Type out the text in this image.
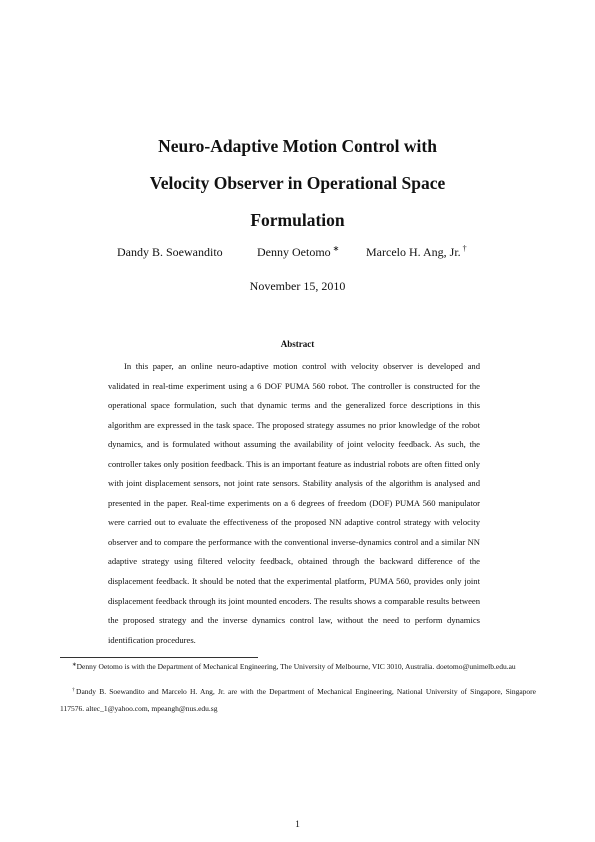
Neuro-Adaptive Motion Control with
Velocity Observer in Operational Space
Formulation
Dandy B. Soewandito	Denny Oetomo ∗ Marcelo H. Ang, Jr. †
November 15, 2010
Abstract

In this paper, an online neuro-adaptive motion control with velocity observer is developed and validated in real-time experiment using a 6 DOF PUMA 560 robot. The controller is constructed for the operational space formulation, such that dynamic terms and the generalized force descriptions in this algorithm are expressed in the task space. The proposed strategy assumes no prior knowledge of the robot dynamics, and is formulated without assuming the availability of joint velocity feedback. As such, the controller takes only position feedback. This is an important feature as industrial robots are often fitted only with joint displacement sensors, not joint rate sensors. Stability analysis of the algorithm is analysed and presented in the paper. Real-time experiments on a 6 degrees of freedom (DOF) PUMA 560 manipulator were carried out to evaluate the effectiveness of the proposed NN adaptive control strategy with velocity observer and to compare the performance with the conventional inverse-dynamics control and a similar NN adaptive strategy using filtered velocity feedback, obtained through the backward difference of the displacement feedback. It should be noted that the experimental platform, PUMA 560, provides only joint displacement feedback through its joint mounted encoders. The results shows a comparable results between the proposed strategy and the inverse dynamics control law, without the need to perform dynamics identification procedures.

∗Denny Oetomo is with the Department of Mechanical Engineering, The University of Melbourne, VIC 3010, Australia. doetomo@unimelb.edu.au

†Dandy B. Soewandito and Marcelo H. Ang, Jr. are with the Department of Mechanical Engineering, National University of Singapore, Singapore 117576. altec_1@yahoo.com, mpeangh@nus.edu.sg

1
